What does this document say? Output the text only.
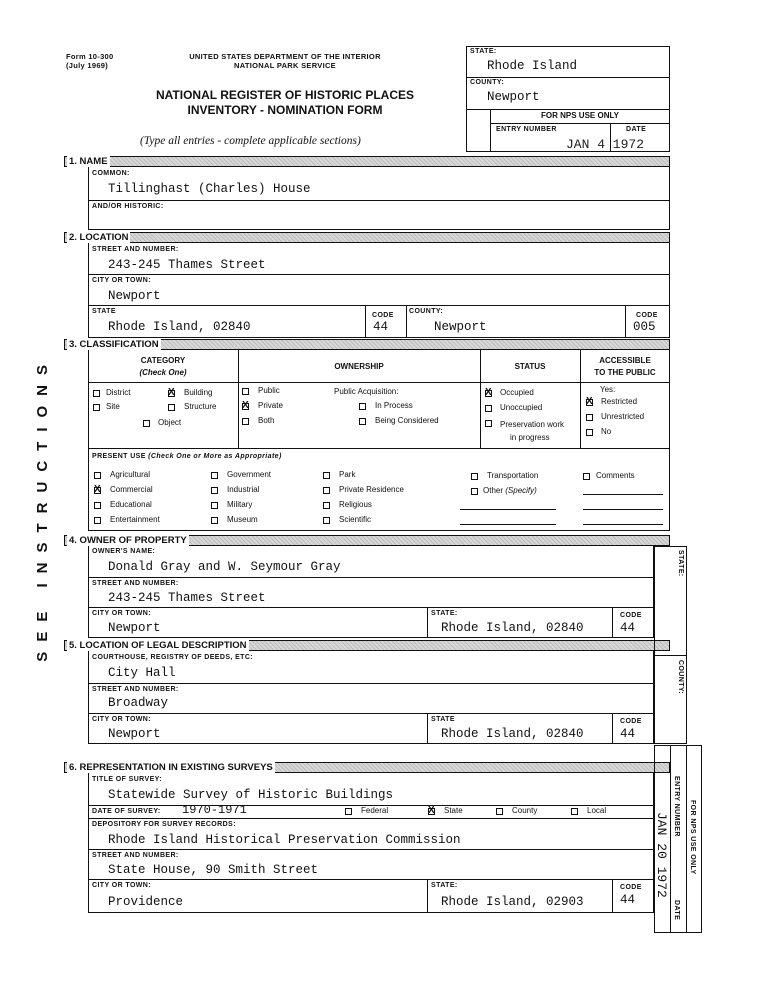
Form 10-300
(July 1969)
UNITED STATES DEPARTMENT OF THE INTERIOR
NATIONAL PARK SERVICE
NATIONAL REGISTER OF HISTORIC PLACES
INVENTORY - NOMINATION FORM
(Type all entries - complete applicable sections)
STATE:
Rhode Island
COUNTY:
Newport
FOR NPS USE ONLY
ENTRY NUMBER	DATE
JAN 4 1972
SEE INSTRUCTIONS
1. NAME
COMMON:
Tillinghast (Charles) House
AND/OR HISTORIC:
2. LOCATION
STREET AND NUMBER:
243-245 Thames Street
CITY OR TOWN:
Newport
STATE
Rhode Island, 02840
CODE
44
COUNTY:
Newport
CODE
005
3. CLASSIFICATION
CATEGORY
(Check One)
OWNERSHIP	STATUS
ACCESSIBLE
TO THE PUBLIC
District
Site
X
Building
Structure
Object
Public
X
Private
Both
Public Acquisition:
In Process
Being Considered
X
Occupied
Unoccupied
Preservation work
in progress
Yes:
X
Restricted
Unrestricted
No
PRESENT USE (Check One or More as Appropriate)
Agricultural
X
Commercial
Educational
Entertainment
Government
Industrial
Military
Museum
Park
Private Residence
Religious
Scientific
Transportation
Other (Specify)
Comments
4. OWNER OF PROPERTY
OWNER'S NAME:
Donald Gray and W. Seymour Gray
STREET AND NUMBER:
243-245 Thames Street
CITY OR TOWN:
Newport
STATE:
Rhode Island, 02840
CODE
44
5. LOCATION OF LEGAL DESCRIPTION
COURTHOUSE, REGISTRY OF DEEDS, ETC:
City Hall
STREET AND NUMBER:
Broadway
CITY OR TOWN:
Newport
STATE
Rhode Island, 02840
CODE
44
6. REPRESENTATION IN EXISTING SURVEYS
TITLE OF SURVEY:
Statewide Survey of Historic Buildings
DATE OF SURVEY: 1970-1971	Federal
X	State	County	Local
DEPOSITORY FOR SURVEY RECORDS:
Rhode Island Historical Preservation Commission
STREET AND NUMBER:
State House, 90 Smith Street
CITY OR TOWN:
Providence
STATE:
Rhode Island, 02903
CODE
44
STATE:
COUNTY:
ENTRY NUMBER
DATE
FOR NPS USE ONLY
JAN 20 1972
